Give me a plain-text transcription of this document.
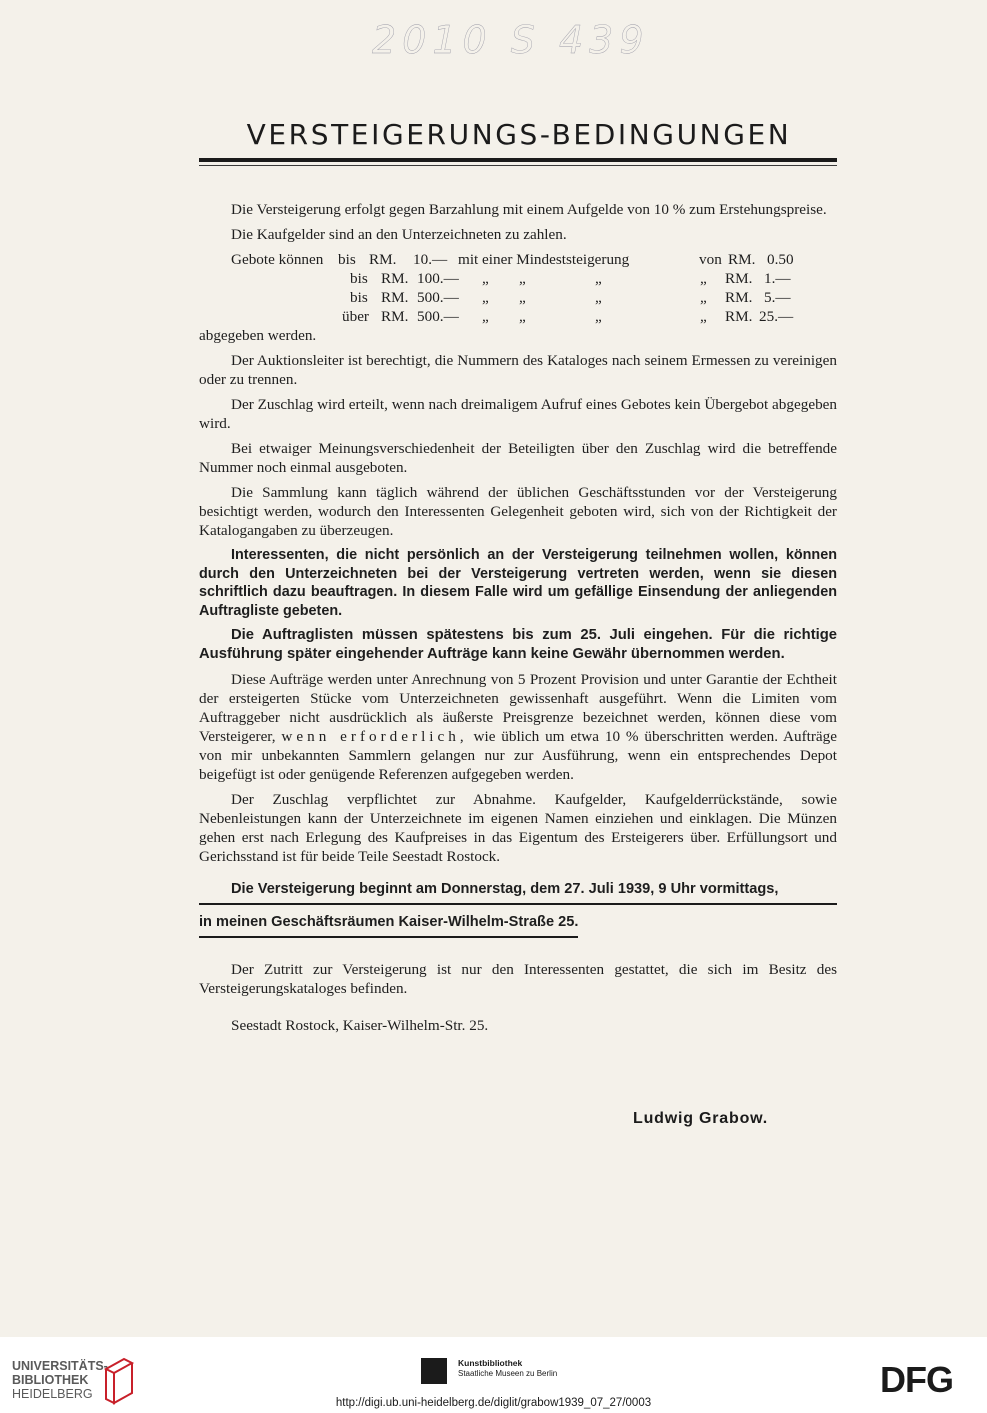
2010 S 439
VERSTEIGERUNGS-BEDINGUNGEN

Die Versteigerung erfolgt gegen Barzahlung mit einem Aufgelde von 10 % zum Erstehungspreise.

Die Kaufgelder sind an den Unterzeichneten zu zahlen.

Gebote können bis RM. 10.— mit einer Mindeststeigerung	von RM. 0.50
bis RM. 100.— „ „	„	„ RM. 1.—
bis RM. 500.— „ „	„	„ RM. 5.—
über RM. 500.— „ „	„	„ RM. 25.—

abgegeben werden.

Der Auktionsleiter ist berechtigt, die Nummern des Kataloges nach seinem Ermessen zu vereinigen oder zu trennen.

Der Zuschlag wird erteilt, wenn nach dreimaligem Aufruf eines Gebotes kein Übergebot abgegeben wird.

Bei etwaiger Meinungsverschiedenheit der Beteiligten über den Zuschlag wird die betreffende Nummer noch einmal ausgeboten.

Die Sammlung kann täglich während der üblichen Geschäftsstunden vor der Versteigerung besichtigt werden, wodurch den Interessenten Gelegenheit geboten wird, sich von der Richtigkeit der Katalogangaben zu überzeugen.

Interessenten, die nicht persönlich an der Versteigerung teilnehmen wollen, können durch den Unterzeichneten bei der Versteigerung vertreten werden, wenn sie diesen schriftlich dazu beauftragen. In diesem Falle wird um gefällige Einsendung der anliegenden Auftragliste gebeten.

Die Auftraglisten müssen spätestens bis zum 25. Juli eingehen. Für die richtige Ausführung später eingehender Aufträge kann keine Gewähr übernommen werden.

Diese Aufträge werden unter Anrechnung von 5 Prozent Provision und unter Garantie der Echtheit der ersteigerten Stücke vom Unterzeichneten gewissenhaft ausgeführt. Wenn die Limiten vom Auftraggeber nicht ausdrücklich als äußerste Preisgrenze bezeichnet werden, können diese vom Versteigerer, wenn erforderlich, wie üblich um etwa 10 % überschritten werden. Aufträge von mir unbekannten Sammlern gelangen nur zur Ausführung, wenn ein entsprechendes Depot beigefügt ist oder genügende Referenzen aufgegeben werden.

Der Zuschlag verpflichtet zur Abnahme. Kaufgelder, Kaufgelderrückstände, sowie Nebenleistungen kann der Unterzeichnete im eigenen Namen einziehen und einklagen. Die Münzen gehen erst nach Erlegung des Kaufpreises in das Eigentum des Ersteigerers über. Erfüllungsort und Gerichsstand ist für beide Teile Seestadt Rostock.

Die Versteigerung beginnt am Donnerstag, dem 27. Juli 1939, 9 Uhr vormittags,
in meinen Geschäftsräumen Kaiser-Wilhelm-Straße 25.

Der Zutritt zur Versteigerung ist nur den Interessenten gestattet, die sich im Besitz des Versteigerungskataloges befinden.

Seestadt Rostock, Kaiser-Wilhelm-Str. 25.

Ludwig Grabow.
UNIVERSITÄTS-
BIBLIOTHEK
HEIDELBERG
Kunstbibliothek
Staatliche Museen zu Berlin	DFG
http://digi.ub.uni-heidelberg.de/diglit/grabow1939_07_27/0003
